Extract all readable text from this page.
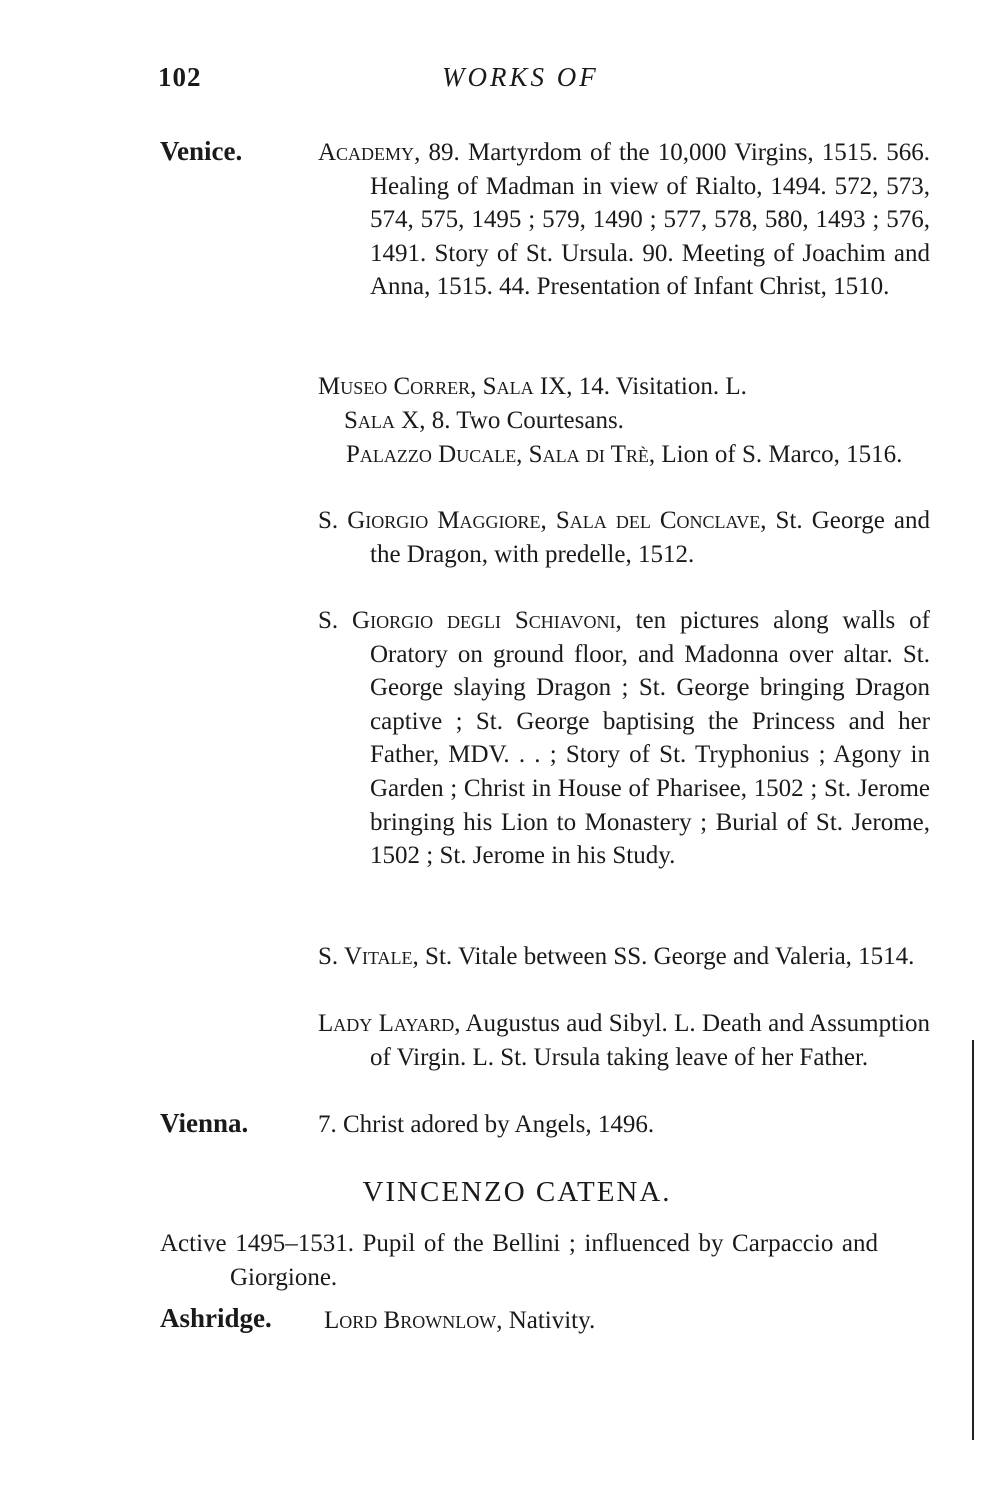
102	WORKS OF
Venice.	Academy, 89. Martyrdom of the 10,000 Virgins, 1515. 566. Healing of Madman in view of Rialto, 1494. 572, 573, 574, 575, 1495 ; 579, 1490 ; 577, 578, 580, 1493 ; 576, 1491. Story of St. Ursula. 90. Meeting of Joachim and Anna, 1515. 44. Presentation of Infant Christ, 1510.
Museo Correr, Sala IX, 14. Visitation. L.
Sala X, 8. Two Courtesans.
Palazzo Ducale, Sala di Trè, Lion of S. Marco, 1516.
S. Giorgio Maggiore, Sala del Conclave, St. George and the Dragon, with predelle, 1512.
S. Giorgio degli Schiavoni, ten pictures along walls of Oratory on ground floor, and Madonna over altar. St. George slaying Dragon ; St. George bringing Dragon captive ; St. George baptising the Princess and her Father, MDV. . . ; Story of St. Tryphonius ; Agony in Garden ; Christ in House of Pharisee, 1502 ; St. Jerome bringing his Lion to Monastery ; Burial of St. Jerome, 1502 ; St. Jerome in his Study.
S. Vitale, St. Vitale between SS. George and Valeria, 1514.
Lady Layard, Augustus aud Sibyl. L. Death and Assumption of Virgin. L. St. Ursula taking leave of her Father.
Vienna.	7. Christ adored by Angels, 1496.
VINCENZO CATENA.
Active 1495–1531. Pupil of the Bellini ; influenced by Carpaccio and Giorgione.
Ashridge. Lord Brownlow, Nativity.
